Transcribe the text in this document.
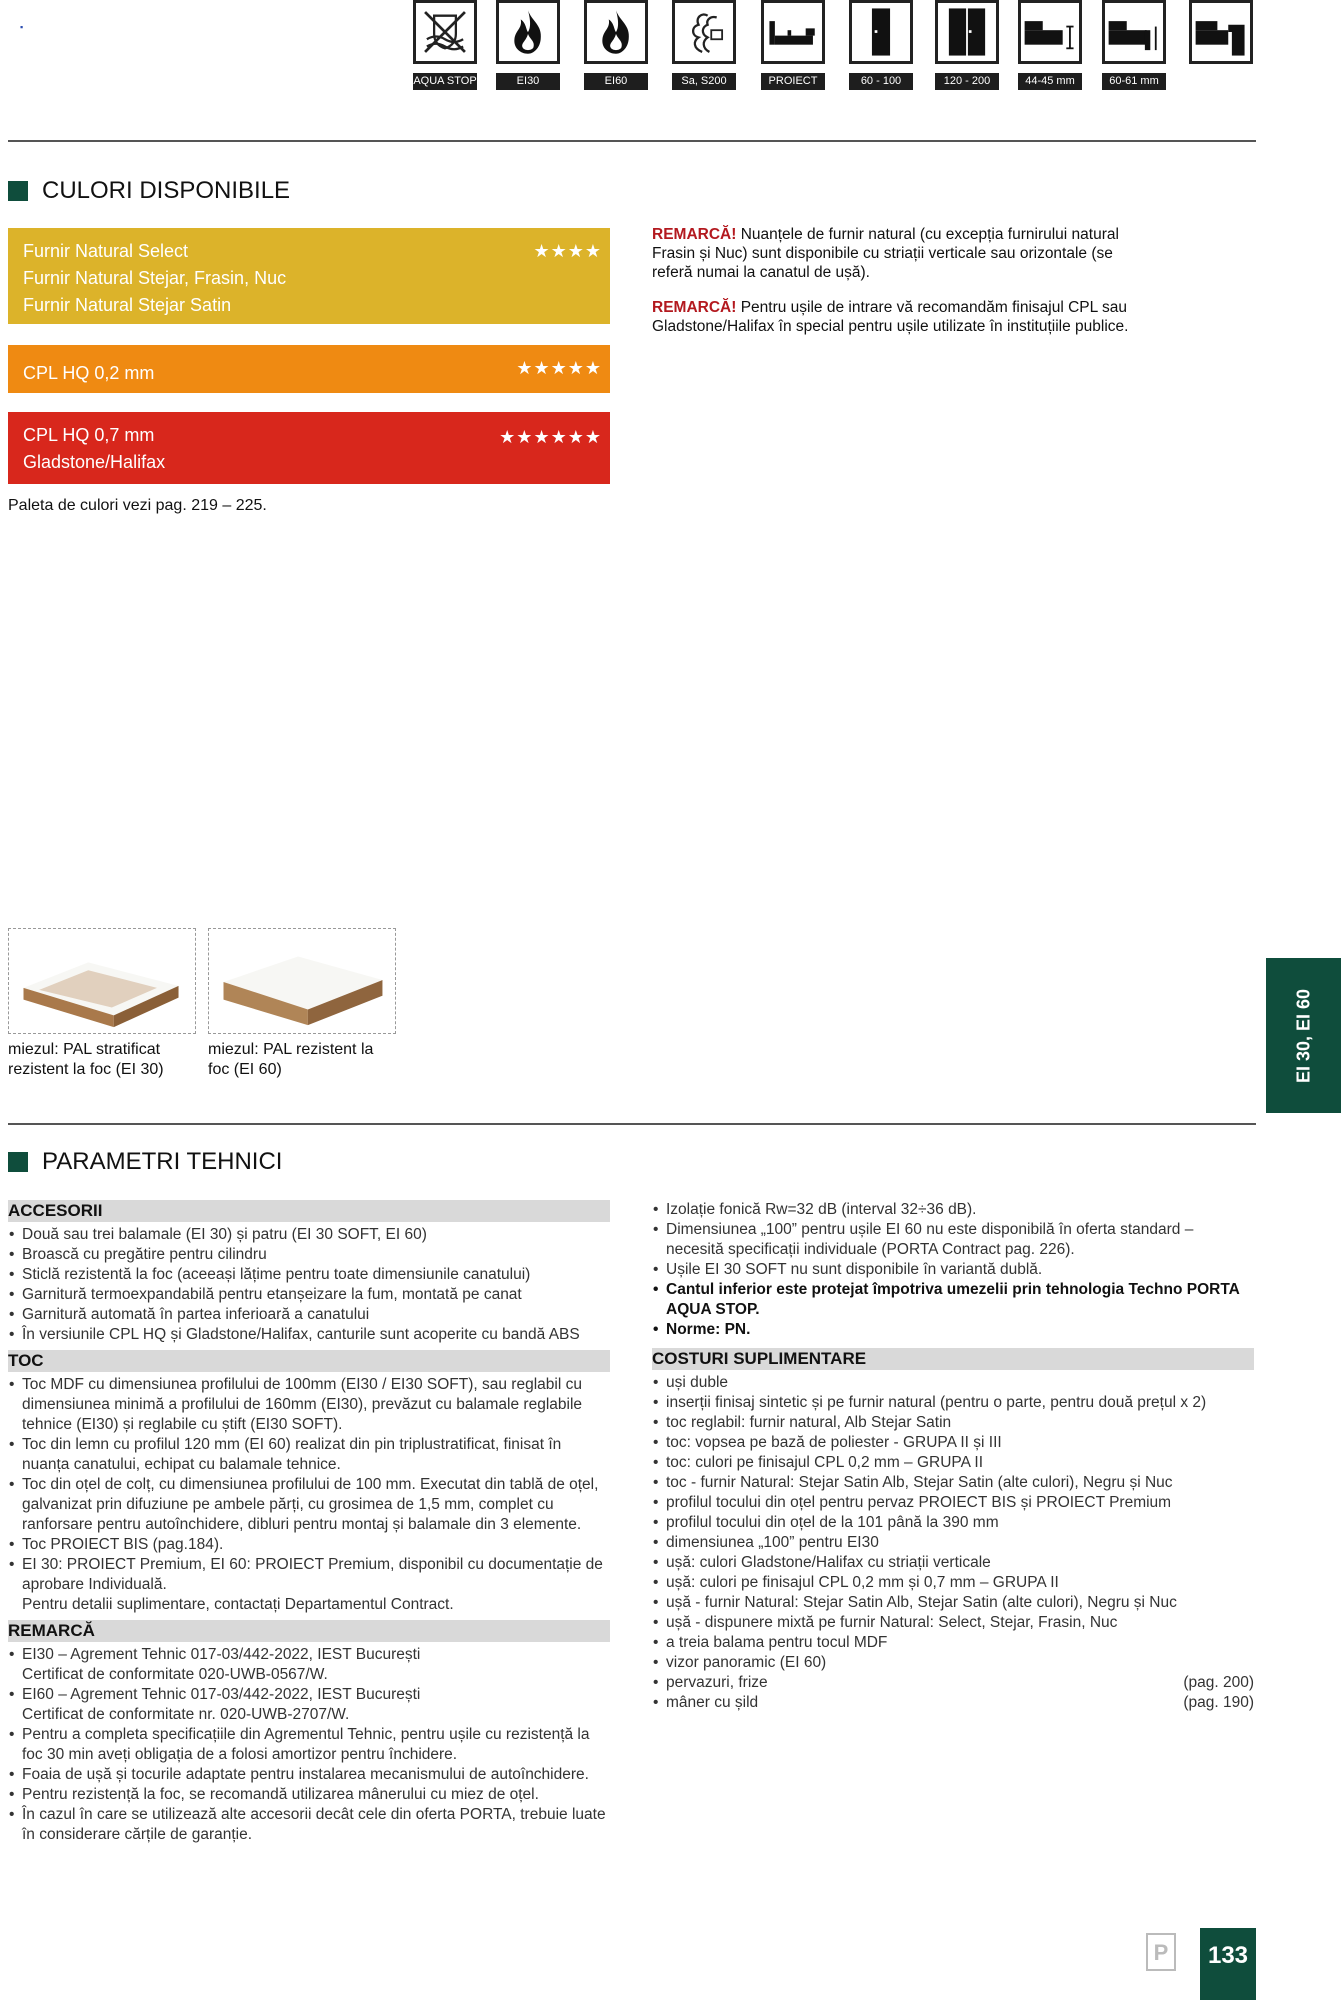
▪
AQUA STOP	EI30	EI60	Sa, S200	PROIECT	60 - 100	120 - 200	44-45 mm	60-61 mm
CULORI DISPONIBILE
Furnir Natural Select
Furnir Natural Stejar, Frasin, Nuc
Furnir Natural Stejar Satin
★★★★
CPL HQ 0,2 mm	★★★★★
CPL HQ 0,7 mm
Gladstone/Halifax
★★★★★★
Paleta de culori vezi pag. 219 – 225.

REMARCĂ! Nuanțele de furnir natural (cu excepția furnirului natural Frasin și Nuc) sunt disponibile cu striații verticale sau orizontale (se referă numai la canatul de ușă).

REMARCĂ! Pentru ușile de intrare vă recomandăm finisajul CPL sau Gladstone/Halifax în special pentru ușile utilizate în instituțiile publice.

miezul: PAL stratificat rezistent la foc (EI 30)
miezul: PAL rezistent la foc (EI 60)	EI 30, EI 60
PARAMETRI TEHNICI
ACCESORII
• Două sau trei balamale (EI 30) și patru (EI 30 SOFT, EI 60)
• Broască cu pregătire pentru cilindru
• Sticlă rezistentă la foc (aceeași lățime pentru toate dimensiunile canatului)
• Garnitură termoexpandabilă pentru etanșeizare la fum, montată pe canat
• Garnitură automată în partea inferioară a canatului
• În versiunile CPL HQ și Gladstone/Halifax, canturile sunt acoperite cu bandă ABS
TOC
• Toc MDF cu dimensiunea profilului de 100mm (EI30 / EI30 SOFT), sau reglabil cu dimensiunea minimă a profilului de 160mm (EI30), prevăzut cu balamale reglabile tehnice (EI30) și reglabile cu știft (EI30 SOFT).
• Toc din lemn cu profilul 120 mm (EI 60) realizat din pin triplustratificat, finisat în nuanța canatului, echipat cu balamale tehnice.
• Toc din oțel de colț, cu dimensiunea profilului de 100 mm. Executat din tablă de oțel, galvanizat prin difuziune pe ambele părți, cu grosimea de 1,5 mm, complet cu ranforsare pentru autoînchidere, dibluri pentru montaj și balamale din 3 elemente.
• Toc PROIECT BIS (pag.184).
• EI 30: PROIECT Premium, EI 60: PROIECT Premium, disponibil cu documentație de aprobare Individuală.
Pentru detalii suplimentare, contactați Departamentul Contract.
REMARCĂ
• EI30 – Agrement Tehnic 017-03/442-2022, IEST București
Certificat de conformitate 020-UWB-0567/W.
• EI60 – Agrement Tehnic 017-03/442-2022, IEST București
Certificat de conformitate nr. 020-UWB-2707/W.
• Pentru a completa specificațiile din Agrementul Tehnic, pentru ușile cu rezistență la foc 30 min aveți obligația de a folosi amortizor pentru închidere.
• Foaia de ușă și tocurile adaptate pentru instalarea mecanismului de autoînchidere.
• Pentru rezistență la foc, se recomandă utilizarea mânerului cu miez de oțel.
• În cazul în care se utilizează alte accesorii decât cele din oferta PORTA, trebuie luate în considerare cărțile de garanție.
• Izolație fonică Rw=32 dB (interval 32÷36 dB).
• Dimensiunea „100” pentru ușile EI 60 nu este disponibilă în oferta standard – necesită specificații individuale (PORTA Contract pag. 226).
• Ușile EI 30 SOFT nu sunt disponibile în variantă dublă.
• Cantul inferior este protejat împotriva umezelii prin tehnologia Techno PORTA AQUA STOP.
• Norme: PN.
COSTURI SUPLIMENTARE
• uși duble
• inserții finisaj sintetic și pe furnir natural (pentru o parte, pentru două prețul x 2)
• toc reglabil: furnir natural, Alb Stejar Satin
• toc: vopsea pe bază de poliester - GRUPA II și III
• toc: culori pe finisajul CPL 0,2 mm – GRUPA II
• toc - furnir Natural: Stejar Satin Alb, Stejar Satin (alte culori), Negru și Nuc
• profilul tocului din oțel pentru pervaz PROIECT BIS și PROIECT Premium
• profilul tocului din oțel de la 101 până la 390 mm
• dimensiunea „100” pentru EI30
• ușă: culori Gladstone/Halifax cu striații verticale
• ușă: culori pe finisajul CPL 0,2 mm și 0,7 mm – GRUPA II
• ușă - furnir Natural: Stejar Satin Alb, Stejar Satin (alte culori), Negru și Nuc
• ușă - dispunere mixtă pe furnir Natural: Select, Stejar, Frasin, Nuc
• a treia balama pentru tocul MDF
• vizor panoramic (EI 60)
• pervazuri, frize	(pag. 200)
• mâner cu șild	(pag. 190)
P	133
